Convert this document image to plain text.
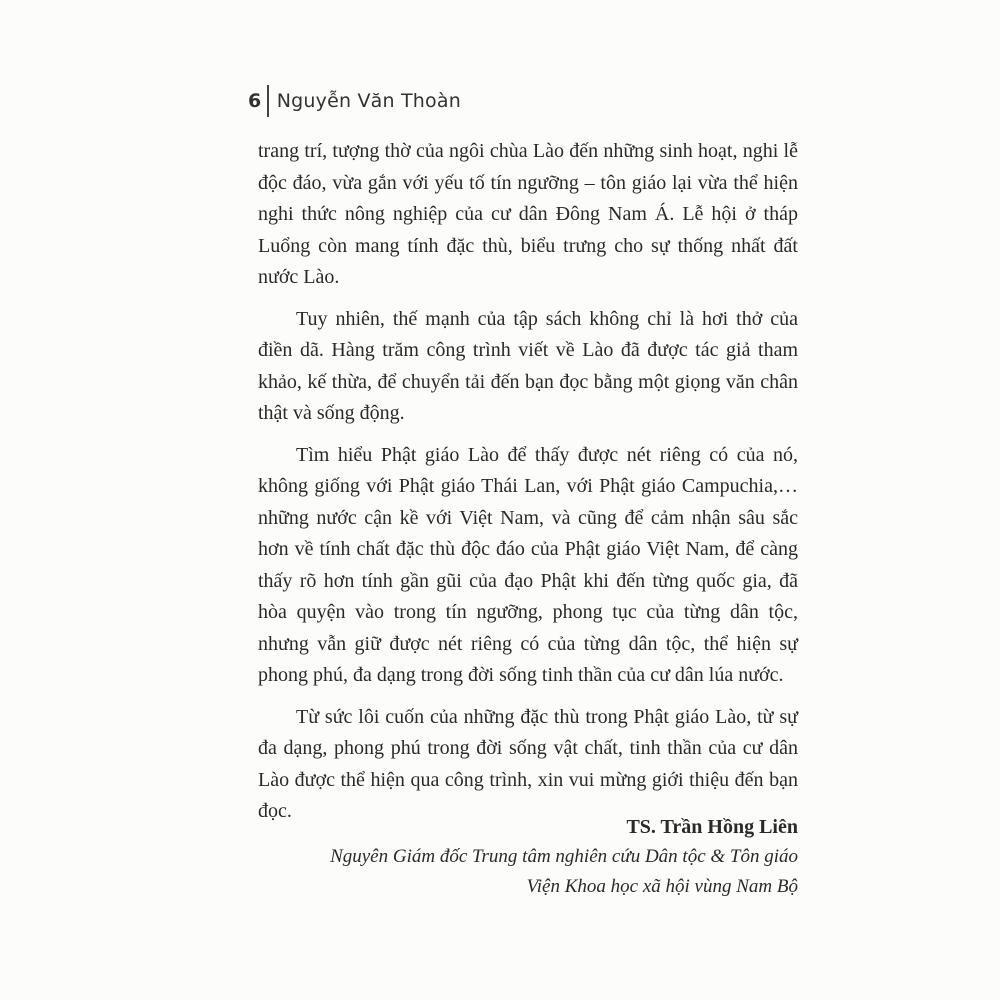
6 Nguyễn Văn Thoàn

trang trí, tượng thờ của ngôi chùa Lào đến những sinh hoạt, nghi lễ độc đáo, vừa gắn với yếu tố tín ngưỡng – tôn giáo lại vừa thể hiện nghi thức nông nghiệp của cư dân Đông Nam Á. Lễ hội ở tháp Luổng còn mang tính đặc thù, biểu trưng cho sự thống nhất đất nước Lào.

Tuy nhiên, thế mạnh của tập sách không chỉ là hơi thở của điền dã. Hàng trăm công trình viết về Lào đã được tác giả tham khảo, kế thừa, để chuyển tải đến bạn đọc bằng một giọng văn chân thật và sống động.

Tìm hiểu Phật giáo Lào để thấy được nét riêng có của nó, không giống với Phật giáo Thái Lan, với Phật giáo Campuchia,… những nước cận kề với Việt Nam, và cũng để cảm nhận sâu sắc hơn về tính chất đặc thù độc đáo của Phật giáo Việt Nam, để càng thấy rõ hơn tính gần gũi của đạo Phật khi đến từng quốc gia, đã hòa quyện vào trong tín ngưỡng, phong tục của từng dân tộc, nhưng vẫn giữ được nét riêng có của từng dân tộc, thể hiện sự phong phú, đa dạng trong đời sống tinh thần của cư dân lúa nước.

Từ sức lôi cuốn của những đặc thù trong Phật giáo Lào, từ sự đa dạng, phong phú trong đời sống vật chất, tinh thần của cư dân Lào được thể hiện qua công trình, xin vui mừng giới thiệu đến bạn đọc.

TS. Trần Hồng Liên

Nguyên Giám đốc Trung tâm nghiên cứu Dân tộc & Tôn giáo

Viện Khoa học xã hội vùng Nam Bộ
